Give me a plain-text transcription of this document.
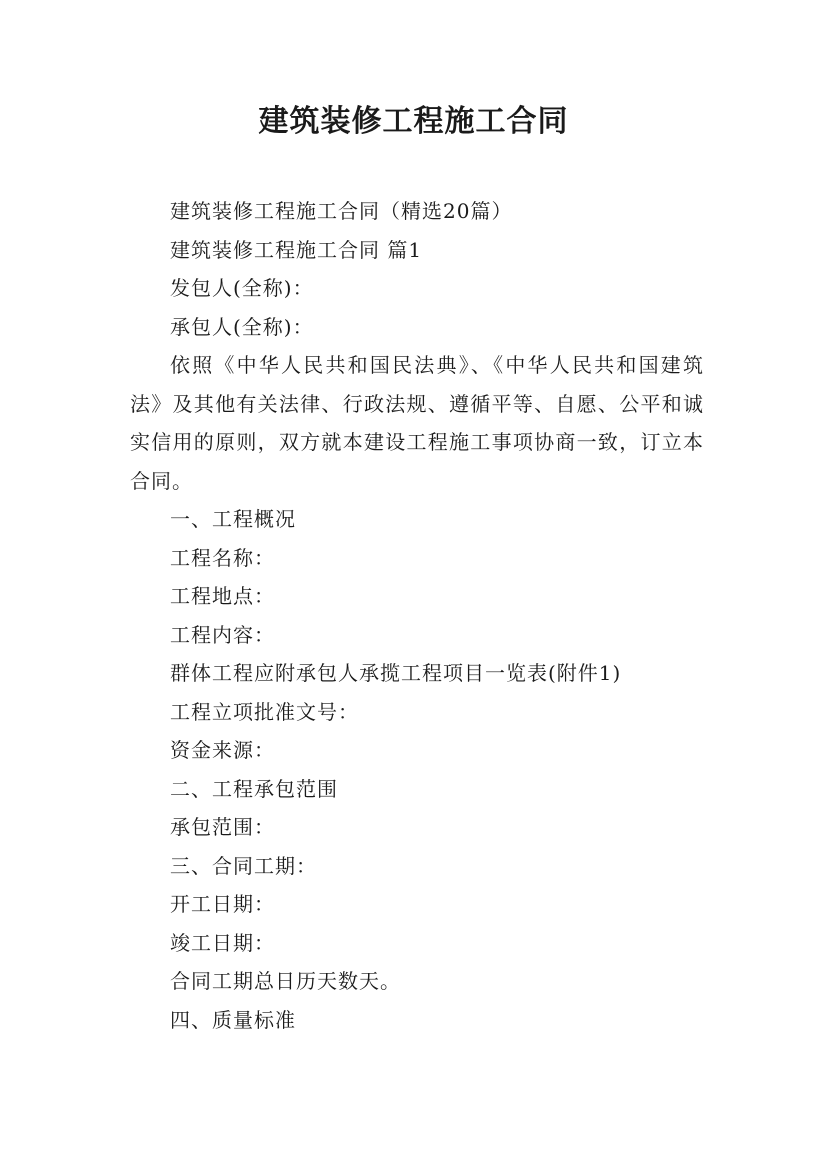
建筑装修工程施工合同

建筑装修工程施工合同（精选20篇）

建筑装修工程施工合同 篇1

发包人(全称)：

承包人(全称)：

依照《中华人民共和国民法典》、《中华人民共和国建筑法》及其他有关法律、行政法规、遵循平等、自愿、公平和诚实信用的原则，双方就本建设工程施工事项协商一致，订立本合同。

一、工程概况

工程名称：

工程地点：

工程内容：

群体工程应附承包人承揽工程项目一览表(附件1)

工程立项批准文号：

资金来源：

二、工程承包范围

承包范围：

三、合同工期：

开工日期：

竣工日期：

合同工期总日历天数天。

四、质量标准
